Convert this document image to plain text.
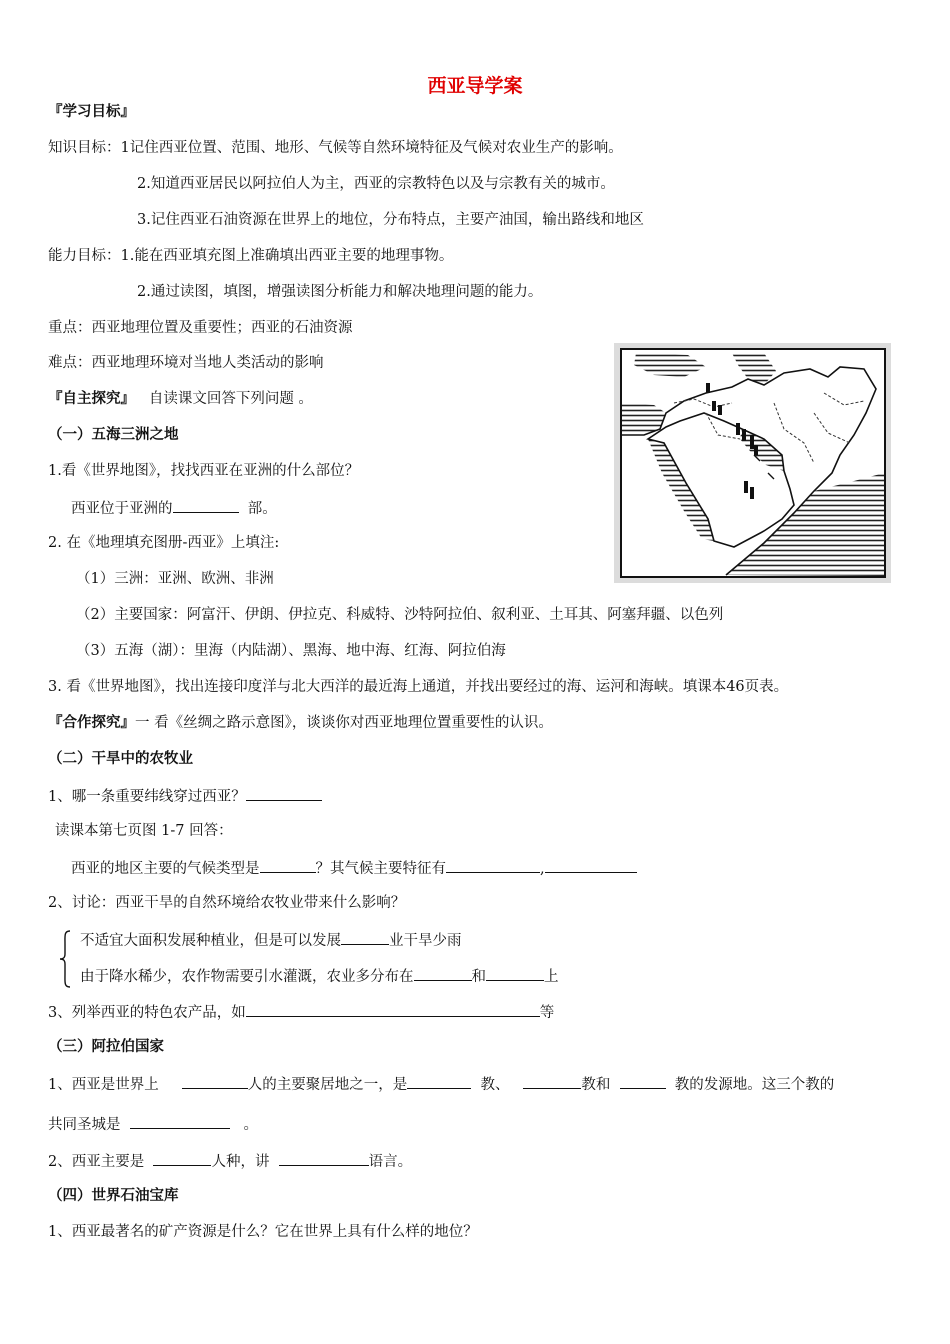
西亚导学案
『学习目标』
知识目标：1记住西亚位置、范围、地形、气候等自然环境特征及气候对农业生产的影响。
2.知道西亚居民以阿拉伯人为主，西亚的宗教特色以及与宗教有关的城市。
3.记住西亚石油资源在世界上的地位，分布特点，主要产油国，输出路线和地区
能力目标：1.能在西亚填充图上准确填出西亚主要的地理事物。
2.通过读图，填图，增强读图分析能力和解决地理问题的能力。
重点：西亚地理位置及重要性；西亚的石油资源
难点：西亚地理环境对当地人类活动的影响
『自主探究』 自读课文回答下列问题 。
（一）五海三洲之地
1.看《世界地图》，找找西亚在亚洲的什么部位？
西亚位于亚洲的	部。
2. 在《地理填充图册-西亚》上填注:
（1）三洲：亚洲、欧洲、非洲
（2）主要国家：阿富汗、伊朗、伊拉克、科威特、沙特阿拉伯、叙利亚、土耳其、阿塞拜疆、以色列
（3）五海（湖）：里海（内陆湖）、黑海、地中海、红海、阿拉伯海
3. 看《世界地图》，找出连接印度洋与北大西洋的最近海上通道，并找出要经过的海、运河和海峡。填课本46页表。
『合作探究』一 看《丝绸之路示意图》，谈谈你对西亚地理位置重要性的认识。
（二）干旱中的农牧业
1、哪一条重要纬线穿过西亚？
读课本第七页图 1-7 回答：
西亚的地区主要的气候类型是	？其气候主要特征有	,
2、讨论：西亚干旱的自然环境给农牧业带来什么影响？
不适宜大面积发展种植业，但是可以发展	业干旱少雨
由于降水稀少，农作物需要引水灌溉，农业多分布在	和	上
3、列举西亚的特色农产品，如	等
（三）阿拉伯国家
1、西亚是世界上	人的主要聚居地之一，是	教、	教和	教的发源地。这三个教的
共同圣城是	。
2、西亚主要是	人种，讲	语言。
（四）世界石油宝库
1、西亚最著名的矿产资源是什么？它在世界上具有什么样的地位？
